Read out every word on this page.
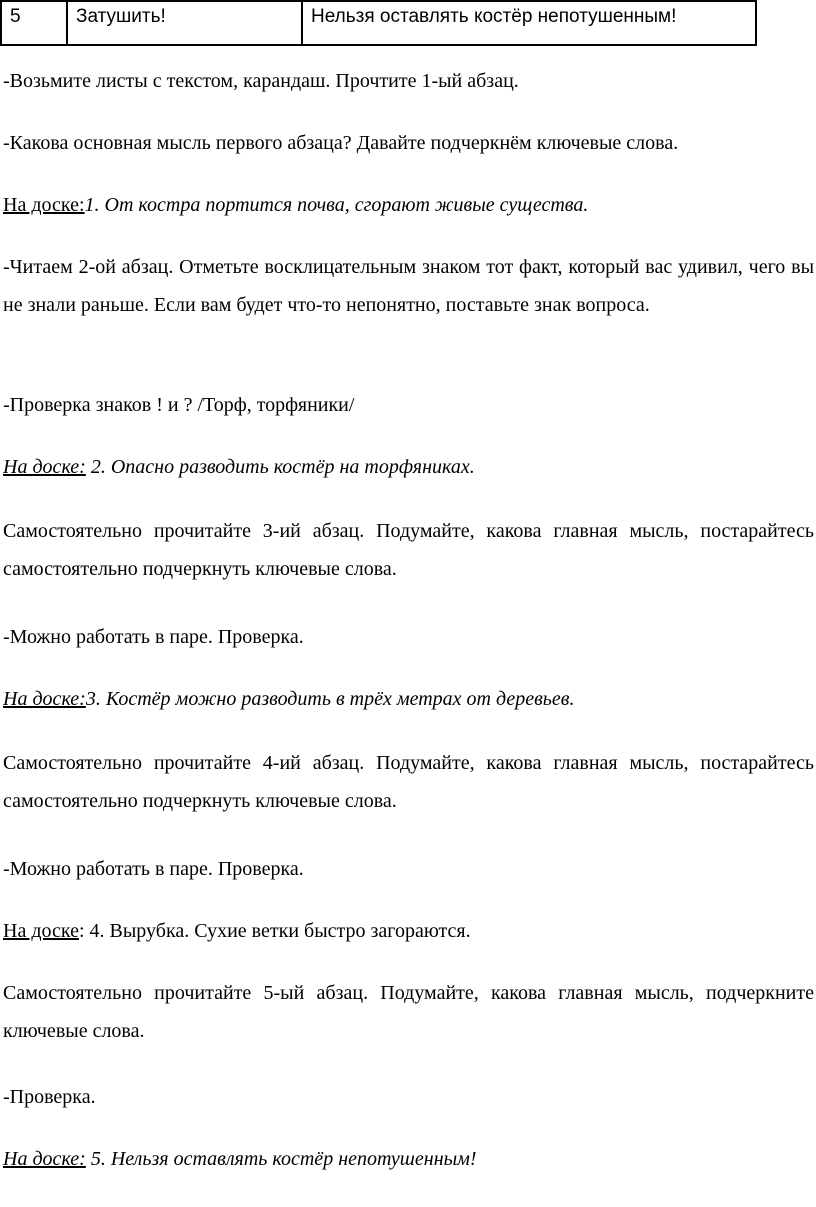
5	Затушить!	Нельзя оставлять костёр непотушенным!

-Возьмите листы с текстом, карандаш. Прочтите 1-ый абзац.

-Какова основная мысль первого абзаца? Давайте подчеркнём ключевые слова.

На доске:1. От костра портится почва, сгорают живые существа.

-Читаем 2-ой абзац. Отметьте восклицательным знаком тот факт, который вас удивил, чего вы не знали раньше. Если вам будет что-то непонятно, поставьте знак вопроса.

-Проверка знаков ! и ? /Торф, торфяники/

На доске: 2. Опасно разводить костёр на торфяниках.

Самостоятельно прочитайте 3-ий абзац. Подумайте, какова главная мысль, постарайтесь самостоятельно подчеркнуть ключевые слова.

-Можно работать в паре. Проверка.

На доске:3. Костёр можно разводить в трёх метрах от деревьев.

Самостоятельно прочитайте 4-ий абзац. Подумайте, какова главная мысль, постарайтесь самостоятельно подчеркнуть ключевые слова.

-Можно работать в паре. Проверка.

На доске: 4. Вырубка. Сухие ветки быстро загораются.

Самостоятельно прочитайте 5-ый абзац. Подумайте, какова главная мысль, подчеркните ключевые слова.

-Проверка.

На доске: 5. Нельзя оставлять костёр непотушенным!
